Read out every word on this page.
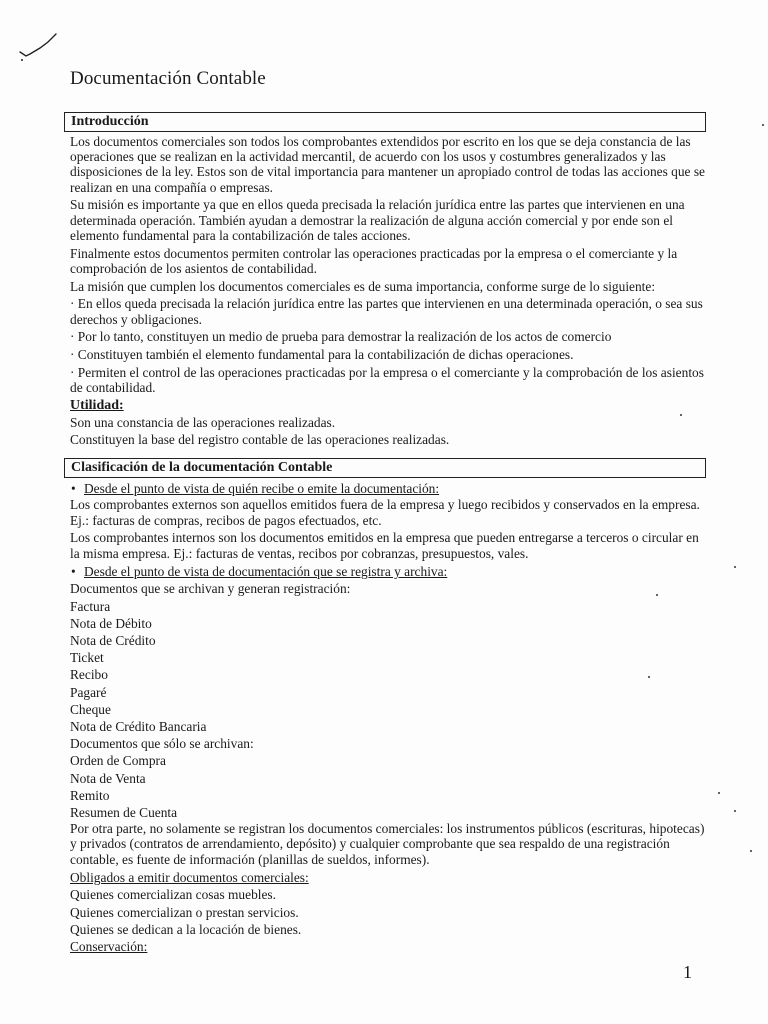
Documentación Contable
Introducción

Los documentos comerciales son todos los comprobantes extendidos por escrito en los que se deja constancia de las operaciones que se realizan en la actividad mercantil, de acuerdo con los usos y costumbres generalizados y las disposiciones de la ley. Estos son de vital importancia para mantener un apropiado control de todas las acciones que se realizan en una compañía o empresas.

Su misión es importante ya que en ellos queda precisada la relación jurídica entre las partes que intervienen en una determinada operación. También ayudan a demostrar la realización de alguna acción comercial y por ende son el elemento fundamental para la contabilización de tales acciones.

Finalmente estos documentos permiten controlar las operaciones practicadas por la empresa o el comerciante y la comprobación de los asientos de contabilidad.

La misión que cumplen los documentos comerciales es de suma importancia, conforme surge de lo siguiente:

· En ellos queda precisada la relación jurídica entre las partes que intervienen en una determinada operación, o sea sus derechos y obligaciones.

· Por lo tanto, constituyen un medio de prueba para demostrar la realización de los actos de comercio

· Constituyen también el elemento fundamental para la contabilización de dichas operaciones.

· Permiten el control de las operaciones practicadas por la empresa o el comerciante y la comprobación de los asientos de contabilidad.

Utilidad:

Son una constancia de las operaciones realizadas.

Constituyen la base del registro contable de las operaciones realizadas.

Clasificación de la documentación Contable

• Desde el punto de vista de quién recibe o emite la documentación:

Los comprobantes externos son aquellos emitidos fuera de la empresa y luego recibidos y conservados en la empresa. Ej.: facturas de compras, recibos de pagos efectuados, etc.

Los comprobantes internos son los documentos emitidos en la empresa que pueden entregarse a terceros o circular en la misma empresa. Ej.: facturas de ventas, recibos por cobranzas, presupuestos, vales.

• Desde el punto de vista de documentación que se registra y archiva:

Documentos que se archivan y generan registración:

Factura

Nota de Débito

Nota de Crédito

Ticket

Recibo

Pagaré

Cheque

Nota de Crédito Bancaria

Documentos que sólo se archivan:

Orden de Compra

Nota de Venta

Remito

Resumen de Cuenta

Por otra parte, no solamente se registran los documentos comerciales: los instrumentos públicos (escrituras, hipotecas) y privados (contratos de arrendamiento, depósito) y cualquier comprobante que sea respaldo de una registración contable, es fuente de información (planillas de sueldos, informes).

Obligados a emitir documentos comerciales:

Quienes comercializan cosas muebles.

Quienes comercializan o prestan servicios.

Quienes se dedican a la locación de bienes.

Conservación:

1
